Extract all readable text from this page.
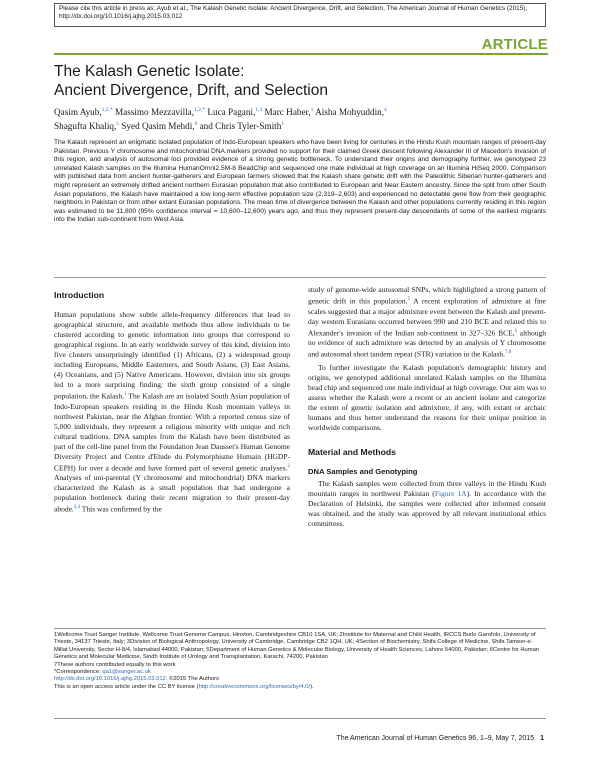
Please cite this article in press as: Ayub et al., The Kalash Genetic Isolate: Ancient Divergence, Drift, and Selection, The American Journal of Human Genetics (2015), http://dx.doi.org/10.1016/j.ajhg.2015.03.012
ARTICLE
The Kalash Genetic Isolate:
Ancient Divergence, Drift, and Selection
Qasim Ayub,$^{1,2,*}$ Massimo Mezzavilla,$^{1,2,*}$ Luca Pagani,$^{1,3}$ Marc Haber,$^1$ Aisha Mohyuddin,$^4$
Shagufta Khaliq,$^5$ Syed Qasim Mehdi,$^6$ and Chris Tyler-Smith$^1$
The Kalash represent an enigmatic isolated population of Indo-European speakers who have been living for centuries in the Hindu Kush mountain ranges of present-day Pakistan. Previous Y chromosome and mitochondrial DNA markers provided no support for their claimed Greek descent following Alexander III of Macedon's invasion of this region, and analysis of autosomal loci provided evidence of a strong genetic bottleneck. To understand their origins and demography further, we genotyped 23 unrelated Kalash samples on the Illumina HumanOmni2.5M-8 BeadChip and sequenced one male individual at high coverage on an Illumina HiSeq 2000. Comparison with published data from ancient hunter-gatherers and European farmers showed that the Kalash share genetic drift with the Paleolithic Siberian hunter-gatherers and might represent an extremely drifted ancient northern Eurasian population that also contributed to European and Near Eastern ancestry. Since the split from other South Asian populations, the Kalash have maintained a low long-term effective population size (2,319–2,603) and experienced no detectable gene flow from their geographic neighbors in Pakistan or from other extant Eurasian populations. The mean time of divergence between the Kalash and other populations currently residing in this region was estimated to be 11,800 (95% confidence interval = 10,600–12,600) years ago, and thus they represent present-day descendants of some of the earliest migrants into the Indian sub-continent from West Asia.
Introduction

Human populations show subtle allele-frequency differences that lead to geographical structure, and available methods thus allow individuals to be clustered according to genetic information into groups that correspond to geographical regions. In an early worldwide survey of this kind, division into five clusters unsurprisingly identified (1) Africans, (2) a widespread group including Europeans, Middle Easterners, and South Asians, (3) East Asians, (4) Oceanians, and (5) Native Americans. However, division into six groups led to a more surprising finding: the sixth group consisted of a single population, the Kalash.$^1$ The Kalash are an isolated South Asian population of Indo-European speakers residing in the Hindu Kush mountain valleys in northwest Pakistan, near the Afghan frontier. With a reported census size of 5,000 individuals, they represent a religious minority with unique and rich cultural traditions. DNA samples from the Kalash have been distributed as part of the cell-line panel from the Foundation Jean Dausset's Human Genome Diversity Project and Centre d'Etude du Polymorphisme Humain (HGDP-CEPH) for over a decade and have formed part of several genetic analyses.$^2$ Analyses of uni-parental (Y chromosome and mitochondrial) DNA markers characterized the Kalash as a small population that had undergone a population bottleneck during their recent migration to their present-day abode.$^{3,4}$ This was confirmed by the

study of genome-wide autosomal SNPs, which highlighted a strong pattern of genetic drift in this population.$^5$ A recent exploration of admixture at fine scales suggested that a major admixture event between the Kalash and present-day western Eurasians occurred between 990 and 210 BCE and related this to Alexander's invasion of the Indian sub-continent in 327–326 BCE,$^6$ although no evidence of such admixture was detected by an analysis of Y chromosome and autosomal short tandem repeat (STR) variation in the Kalash.$^{7,8}$

To further investigate the Kalash population's demographic history and origins, we genotyped additional unrelated Kalash samples on the Illumina bead chip and sequenced one male individual at high coverage. Our aim was to assess whether the Kalash were a recent or an ancient isolate and categorize the extent of genetic isolation and admixture, if any, with extant or archaic humans and thus better understand the reasons for their unique position in worldwide comparisons.

Material and Methods
DNA Samples and Genotyping

The Kalash samples were collected from three valleys in the Hindu Kush mountain ranges in northwest Pakistan (Figure 1A). In accordance with the Declaration of Helsinki, the samples were collected after informed consent was obtained, and the study was approved by all relevant institutional ethics committees.

1Wellcome Trust Sanger Institute, Wellcome Trust Genome Campus, Hinxton, Cambridgeshire CB10 1SA, UK; 2Institute for Maternal and Child Health, IRCCS Burlo Garofolo, University of Trieste, 34137 Trieste, Italy; 3Division of Biological Anthropology, University of Cambridge, Cambridge CB2 1QH, UK; 4Section of Biochemistry, Shifa College of Medicine, Shifa Tameer-e-Millat University, Sector H-8/4, Islamabad 44000, Pakistan; 5Department of Human Genetics & Molecular Biology, University of Health Sciences, Lahore 54000, Pakistan; 6Centre for Human Genetics and Molecular Medicine, Sindh Institute of Urology and Transplantation, Karachi, 74200, Pakistan
7These authors contributed equally to this work
*Correspondence: qa1@sanger.ac.uk
http://dx.doi.org/10.1016/j.ajhg.2015.03.012. ©2015 The Authors
This is an open access article under the CC BY license (http://creativecommons.org/licenses/by/4.0/).
The American Journal of Human Genetics 96, 1–9, May 7, 2015 1
